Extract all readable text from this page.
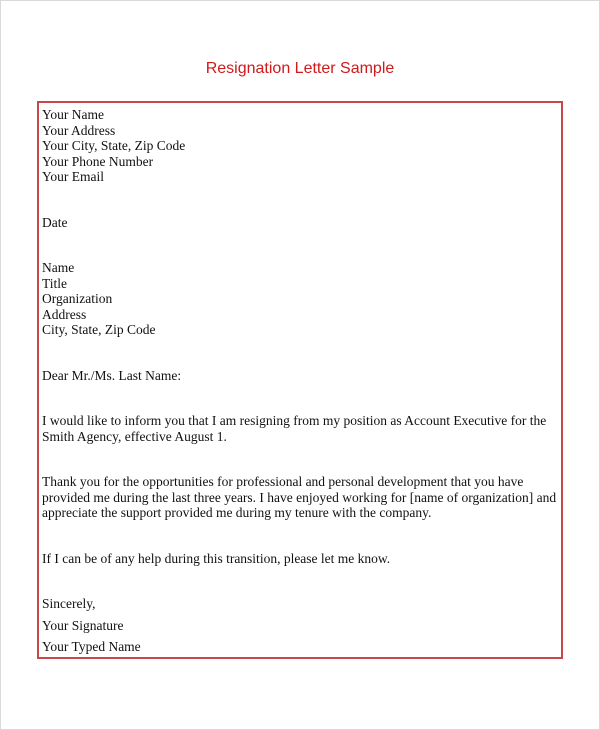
Resignation Letter Sample

Your Name

Your Address

Your City, State, Zip Code

Your Phone Number

Your Email

Date

Name

Title

Organization

Address

City, State, Zip Code

Dear Mr./Ms. Last Name:

I would like to inform you that I am resigning from my position as Account Executive for the Smith Agency, effective August 1.

Thank you for the opportunities for professional and personal development that you have provided me during the last three years. I have enjoyed working for [name of organization] and appreciate the support provided me during my tenure with the company.

If I can be of any help during this transition, please let me know.

Sincerely,

Your Signature

Your Typed Name
